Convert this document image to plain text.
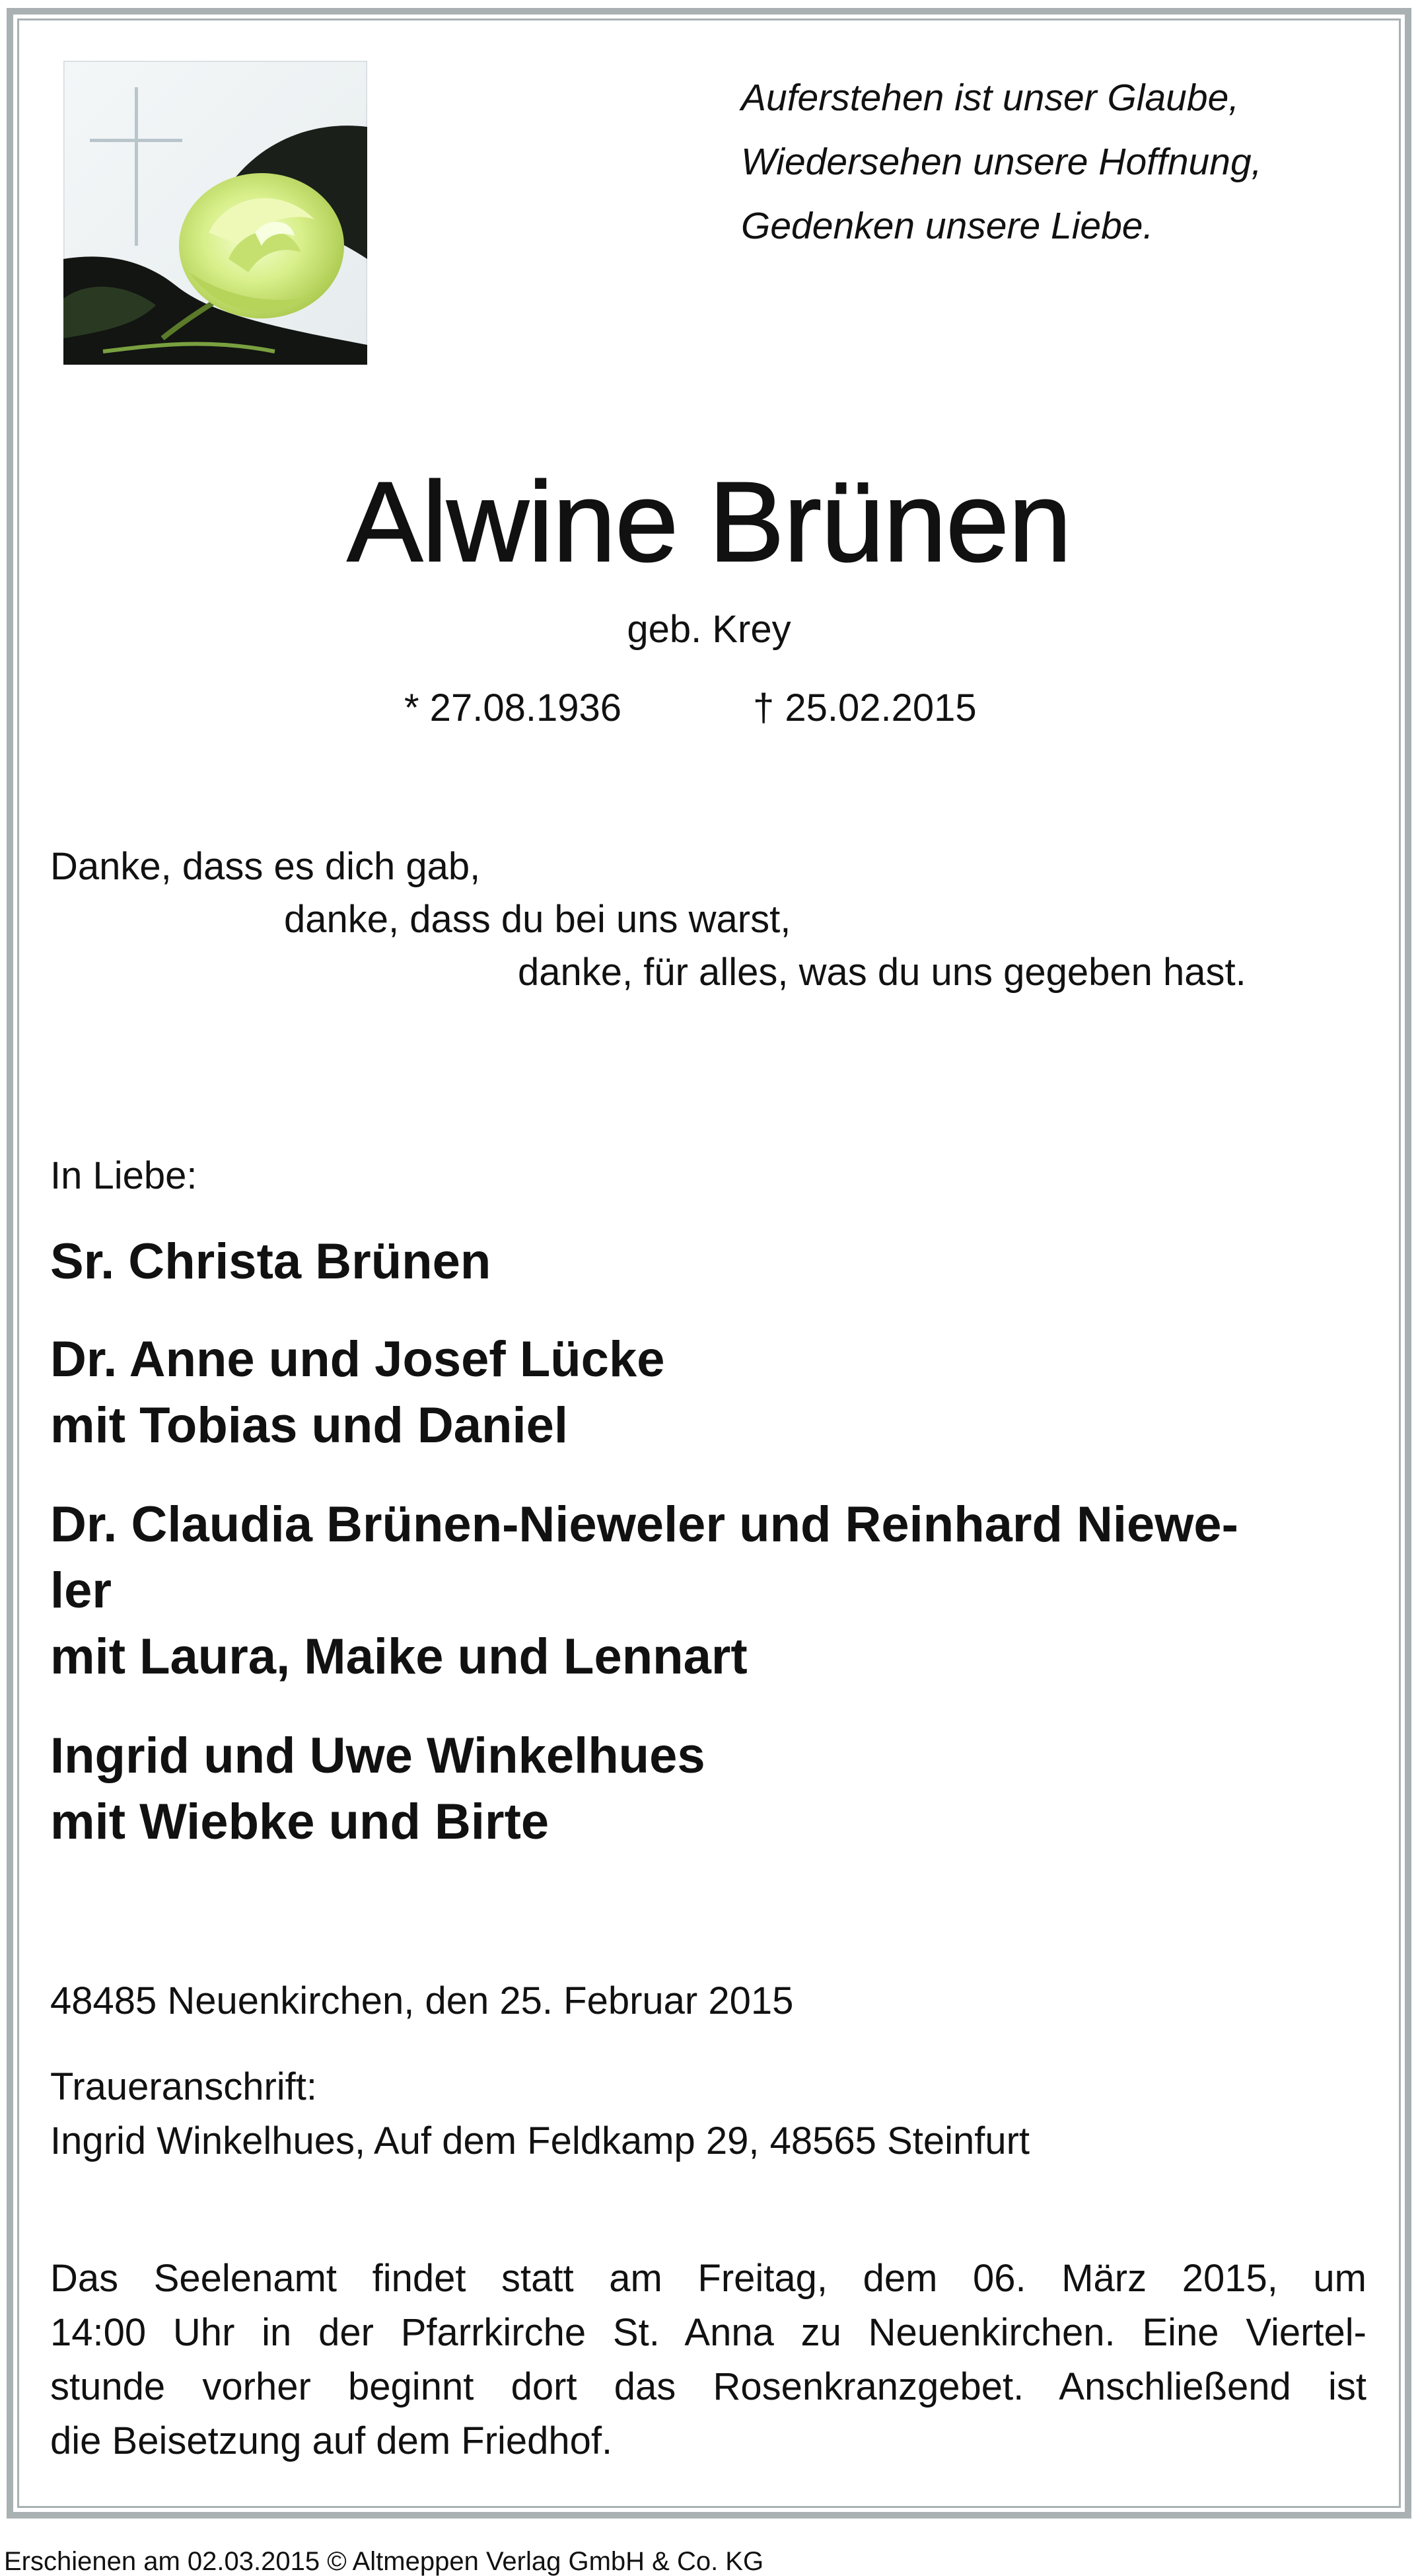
Auferstehen ist unser Glaube,
Wiedersehen unsere Hoffnung,
Gedenken unsere Liebe.
Alwine Brünen
geb. Krey
* 27.08.1936	† 25.02.2015
Danke, dass es dich gab,
danke, dass du bei uns warst,
danke, für alles, was du uns gegeben hast.
In Liebe:
Sr. Christa Brünen
Dr. Anne und Josef Lücke
mit Tobias und Daniel
Dr. Claudia Brünen-Nieweler und Reinhard Niewe-
ler
mit Laura, Maike und Lennart
Ingrid und Uwe Winkelhues
mit Wiebke und Birte
48485 Neuenkirchen, den 25. Februar 2015
Traueranschrift:
Ingrid Winkelhues, Auf dem Feldkamp 29, 48565 Steinfurt
Das Seelenamt findet statt am Freitag, dem 06. März 2015, um
14:00 Uhr in der Pfarrkirche St. Anna zu Neuenkirchen. Eine Viertel-
stunde vorher beginnt dort das Rosenkranzgebet. Anschließend ist
die Beisetzung auf dem Friedhof.
Erschienen am 02.03.2015 © Altmeppen Verlag GmbH & Co. KG
